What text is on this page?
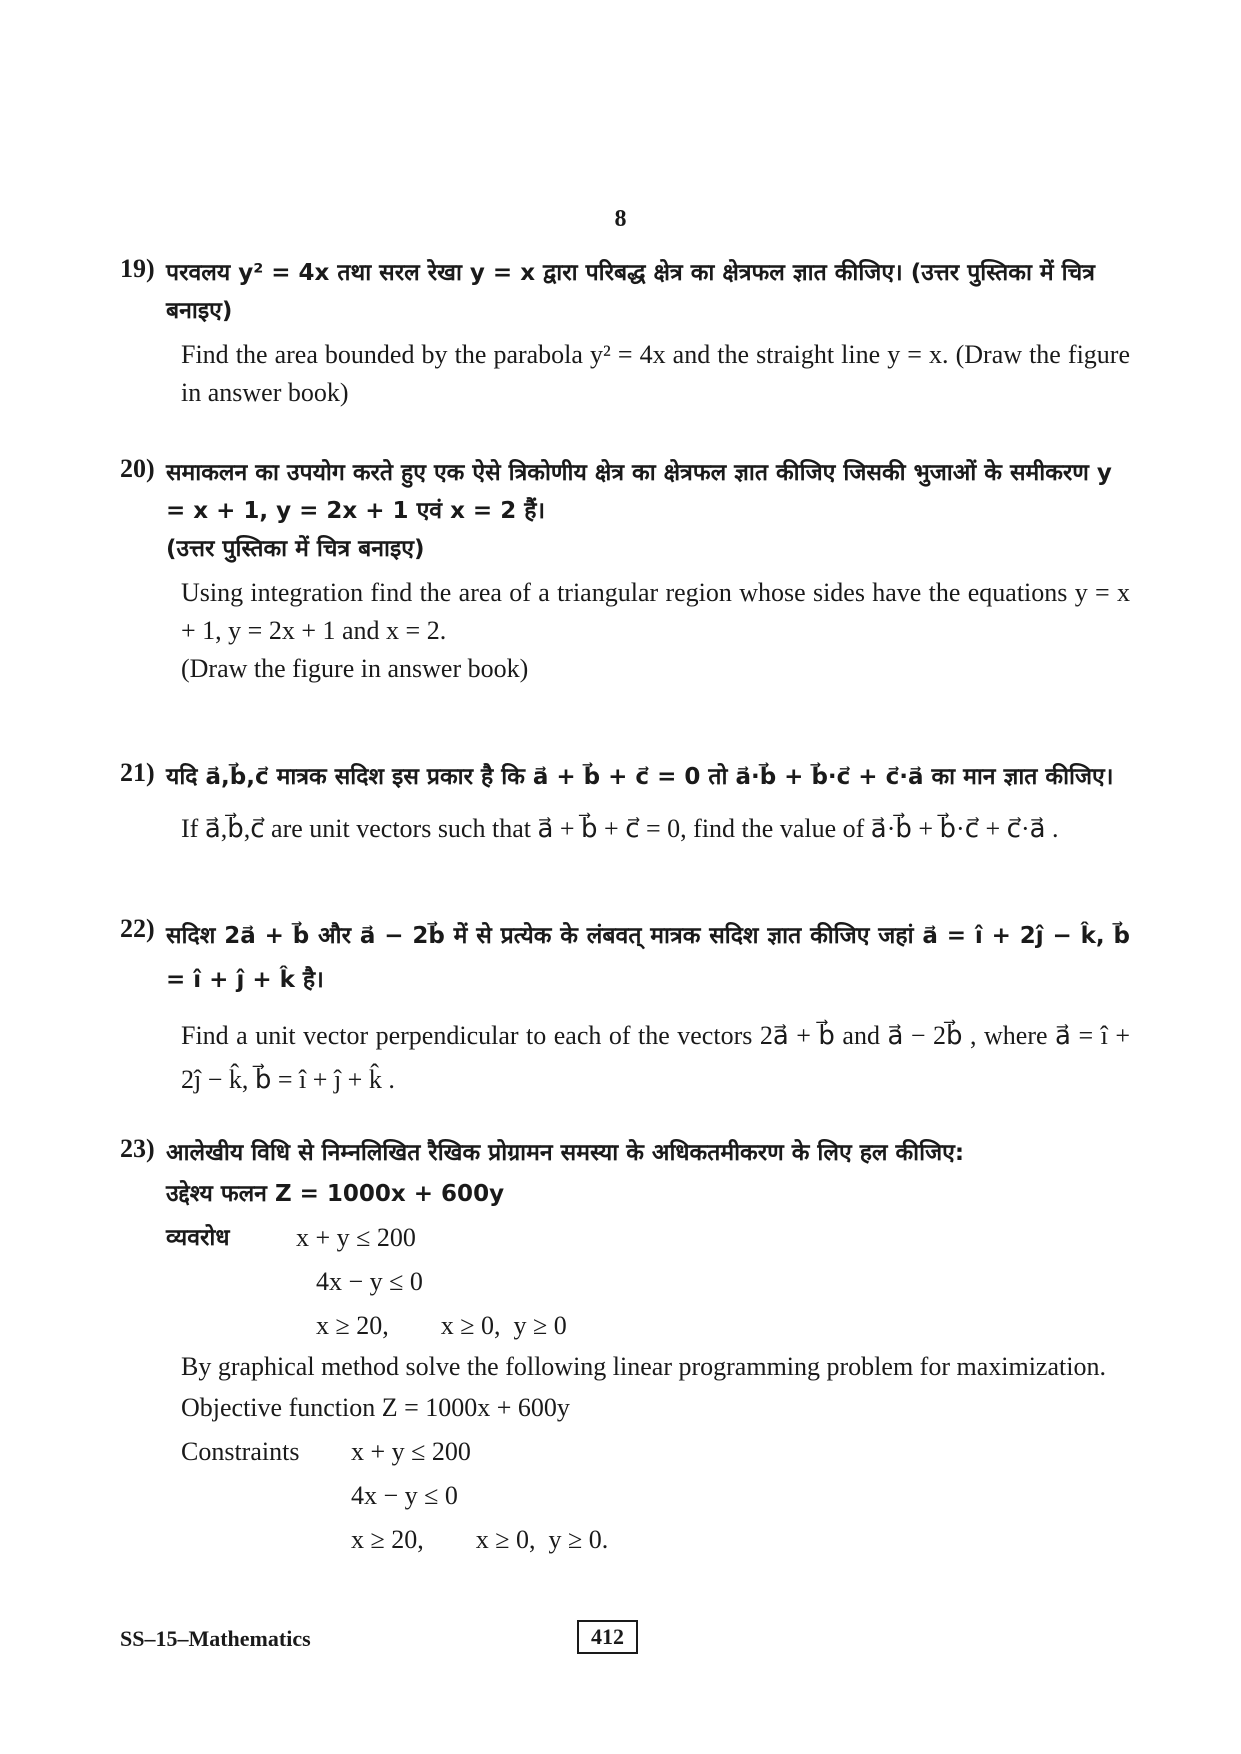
8
19) परवलय y² = 4x तथा सरल रेखा y = x द्वारा परिबद्ध क्षेत्र का क्षेत्रफल ज्ञात कीजिए। (उत्तर पुस्तिका में चित्र बनाइए)
Find the area bounded by the parabola y² = 4x and the straight line y = x. (Draw the figure in answer book)
20) समाकलन का उपयोग करते हुए एक ऐसे त्रिकोणीय क्षेत्र का क्षेत्रफल ज्ञात कीजिए जिसकी भुजाओं के समीकरण y = x + 1, y = 2x + 1 एवं x = 2 हैं।
(उत्तर पुस्तिका में चित्र बनाइए)
Using integration find the area of a triangular region whose sides have the equations y = x + 1, y = 2x + 1 and x = 2.
(Draw the figure in answer book)
21) यदि a⃗,b⃗,c⃗ मात्रक सदिश इस प्रकार है कि a⃗ + b⃗ + c⃗ = 0 तो a⃗·b⃗ + b⃗·c⃗ + c⃗·a⃗ का मान ज्ञात कीजिए।
If a⃗,b⃗,c⃗ are unit vectors such that a⃗ + b⃗ + c⃗ = 0, find the value of a⃗·b⃗ + b⃗·c⃗ + c⃗·a⃗ .
22) सदिश 2a⃗ + b⃗ और a⃗ − 2b⃗ में से प्रत्येक के लंबवत् मात्रक सदिश ज्ञात कीजिए जहां a⃗ = î + 2ĵ − k̂, b⃗ = î + ĵ + k̂ है।
Find a unit vector perpendicular to each of the vectors 2a⃗ + b⃗ and a⃗ − 2b⃗ , where a⃗ = î + 2ĵ − k̂, b⃗ = î + ĵ + k̂ .
23) आलेखीय विधि से निम्नलिखित रैखिक प्रोग्रामन समस्या के अधिकतमीकरण के लिए हल कीजिए:
उद्देश्य फलन Z = 1000x + 600y
व्यवरोध	x + y ≤ 200
4x − y ≤ 0
x ≥ 20,        x ≥ 0,  y ≥ 0
By graphical method solve the following linear programming problem for maximization.
Objective function Z = 1000x + 600y
Constraints	x + y ≤ 200
4x − y ≤ 0
x ≥ 20,        x ≥ 0,  y ≥ 0.
SS–15–Mathematics	412
